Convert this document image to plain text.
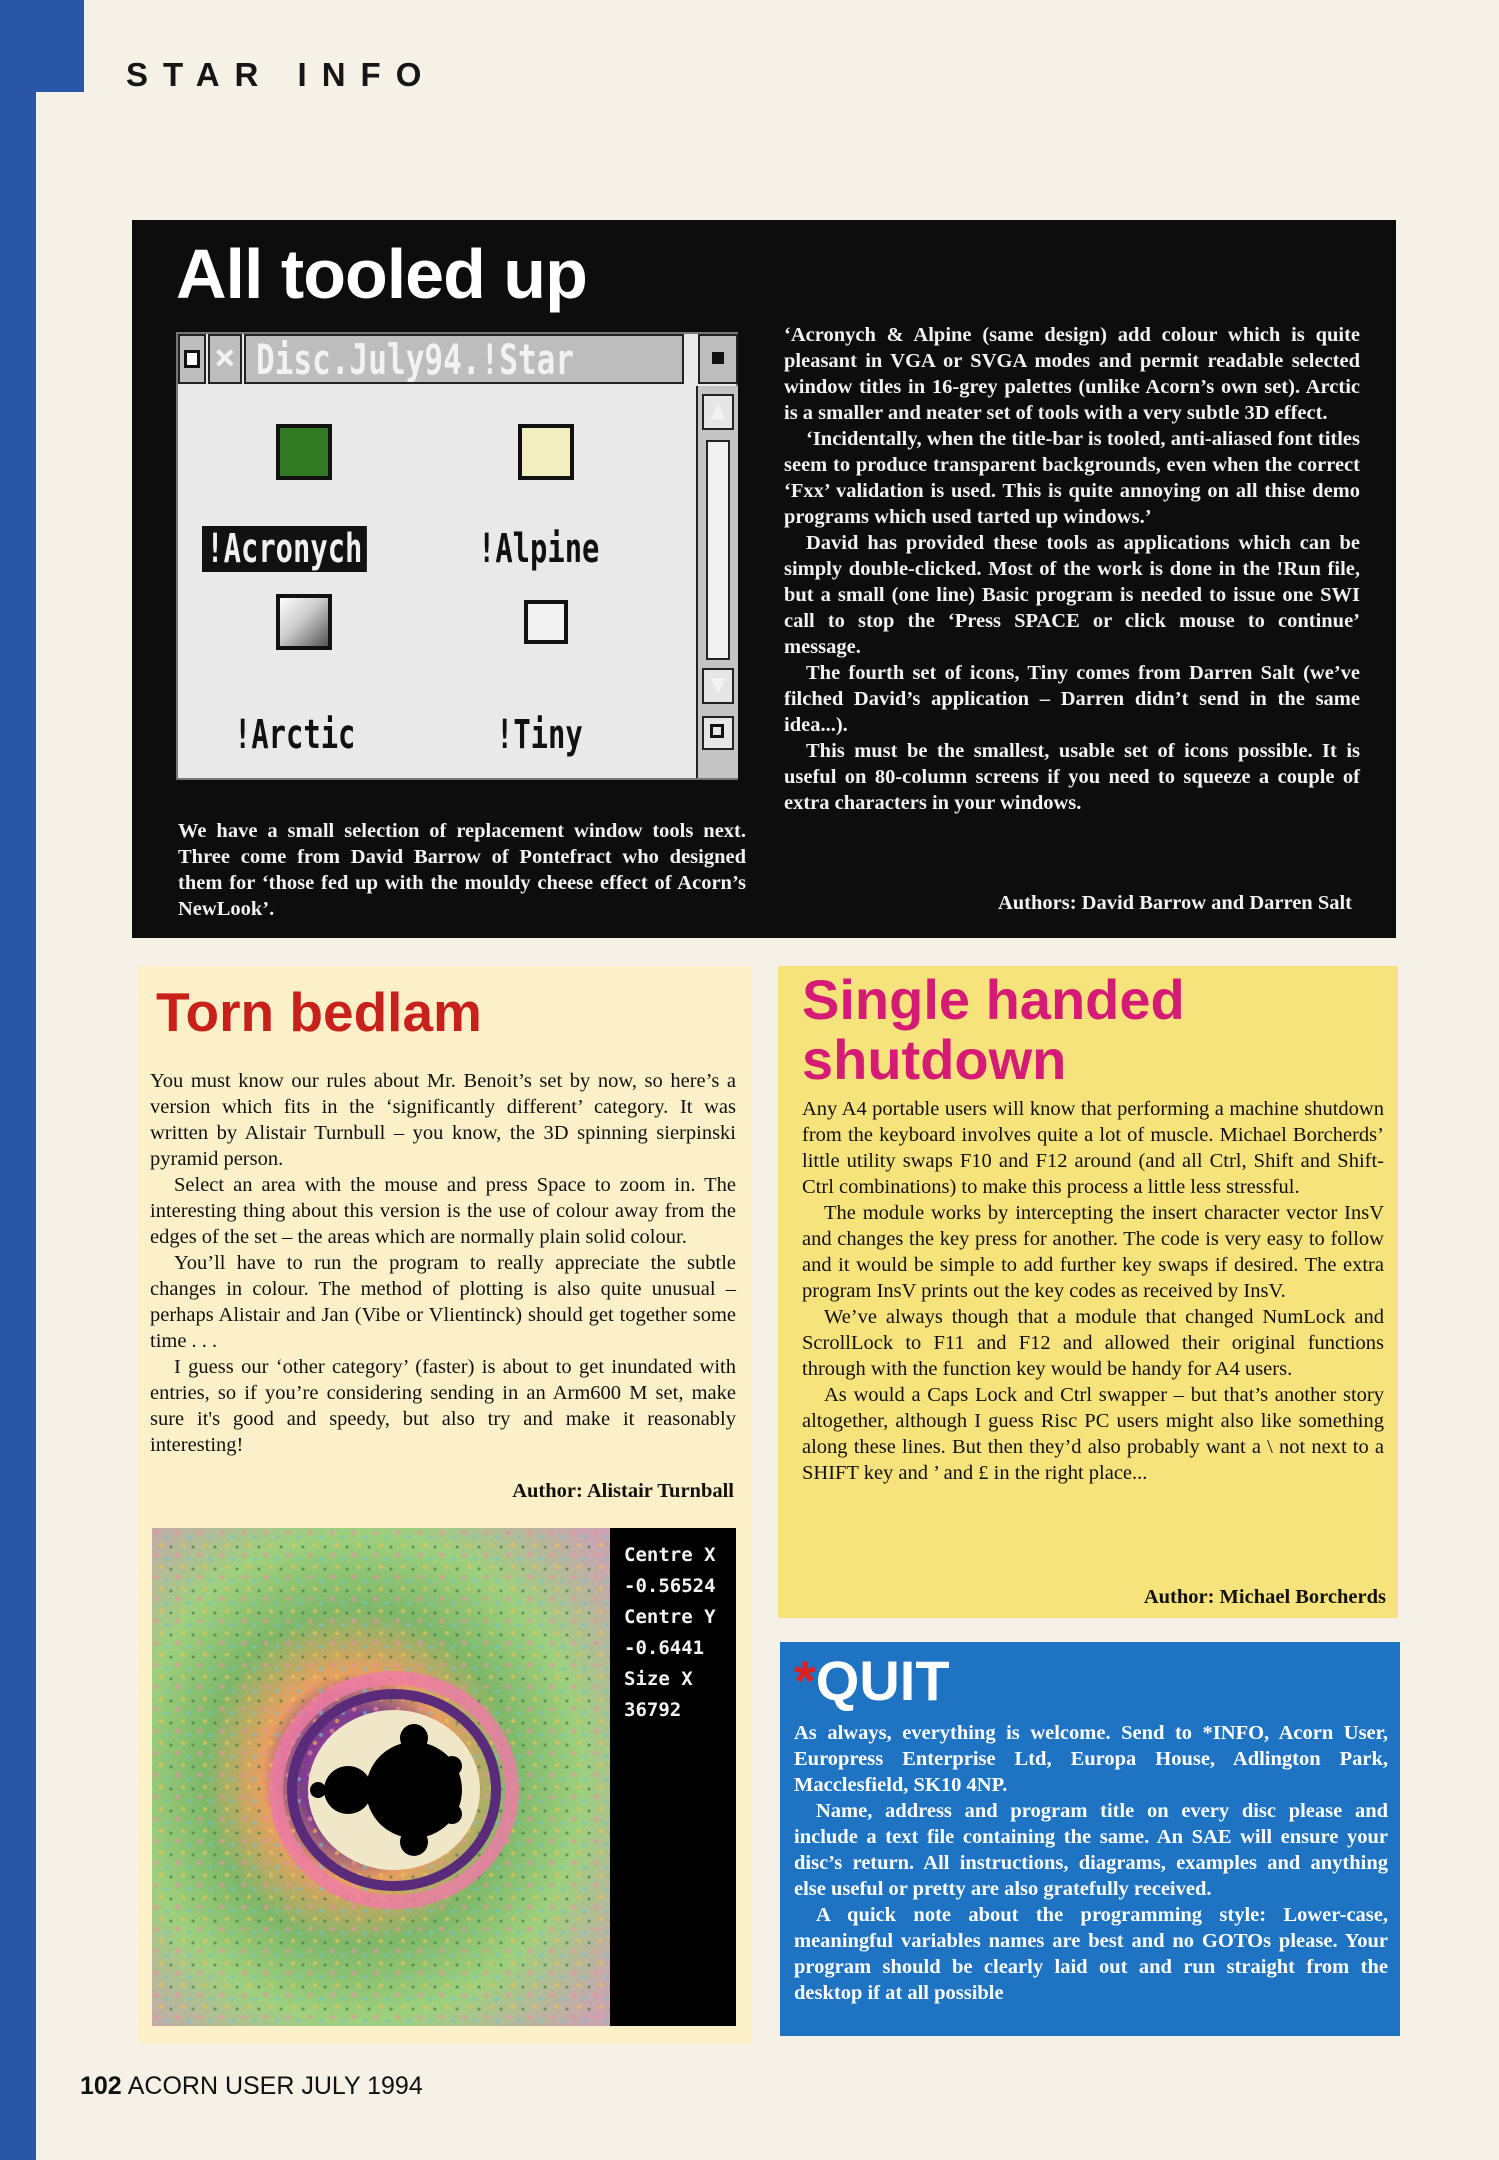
STAR INFO
All tooled up
× Disc.July94.!Star
▲
▼
!Acronych	!Alpine
!Arctic	!Tiny
We have a small selection of replacement window tools next. Three come from David Barrow of Pontefract who designed them for ‘those fed up with the mouldy cheese effect of Acorn’s NewLook’.

‘Acronych & Alpine (same design) add colour which is quite pleasant in VGA or SVGA modes and permit readable selected window titles in 16-grey palettes (unlike Acorn’s own set). Arctic is a smaller and neater set of tools with a very subtle 3D effect.

‘Incidentally, when the title-bar is tooled, anti-aliased font titles seem to produce transparent backgrounds, even when the correct ‘Fxx’ validation is used. This is quite annoying on all thise demo programs which used tarted up windows.’

David has provided these tools as applications which can be simply double-clicked. Most of the work is done in the !Run file, but a small (one line) Basic program is needed to issue one SWI call to stop the ‘Press SPACE or click mouse to continue’ message.

The fourth set of icons, Tiny comes from Darren Salt (we’ve filched David’s application – Darren didn’t send in the same idea...).

This must be the smallest, usable set of icons possible. It is useful on 80-column screens if you need to squeeze a couple of extra characters in your windows.

Authors: David Barrow and Darren Salt
Torn bedlam

You must know our rules about Mr. Benoit’s set by now, so here’s a version which fits in the ‘significantly different’ category. It was written by Alistair Turnbull – you know, the 3D spinning sierpinski pyramid person.

Select an area with the mouse and press Space to zoom in. The interesting thing about this version is the use of colour away from the edges of the set – the areas which are normally plain solid colour.

You’ll have to run the program to really appreciate the subtle changes in colour. The method of plotting is also quite unusual – perhaps Alistair and Jan (Vibe or Vlientinck) should get together some time . . .

I guess our ‘other category’ (faster) is about to get inundated with entries, so if you’re considering sending in an Arm600 M set, make sure it's good and speedy, but also try and make it reasonably interesting!

Author: Alistair Turnball
Centre X
-0.56524
Centre Y
-0.6441
Size X
36792
Single handed
shutdown

Any A4 portable users will know that performing a machine shutdown from the keyboard involves quite a lot of muscle. Michael Borcherds’ little utility swaps F10 and F12 around (and all Ctrl, Shift and Shift-Ctrl combinations) to make this process a little less stressful.

The module works by intercepting the insert character vector InsV and changes the key press for another. The code is very easy to follow and it would be simple to add further key swaps if desired. The extra program InsV prints out the key codes as received by InsV.

We’ve always though that a module that changed NumLock and ScrollLock to F11 and F12 and allowed their original functions through with the function key would be handy for A4 users.

As would a Caps Lock and Ctrl swapper – but that’s another story altogether, although I guess Risc PC users might also like something along these lines. But then they’d also probably want a \ not next to a SHIFT key and ’ and £ in the right place...

Author: Michael Borcherds
*QUIT

As always, everything is welcome. Send to *INFO, Acorn User, Europress Enterprise Ltd, Europa House, Adlington Park, Macclesfield, SK10 4NP.

Name, address and program title on every disc please and include a text file containing the same. An SAE will ensure your disc’s return. All instructions, diagrams, examples and anything else useful or pretty are also gratefully received.

A quick note about the programming style: Lower-case, meaningful variables names are best and no GOTOs please. Your program should be clearly laid out and run straight from the desktop if at all possible

102 ACORN USER JULY 1994
